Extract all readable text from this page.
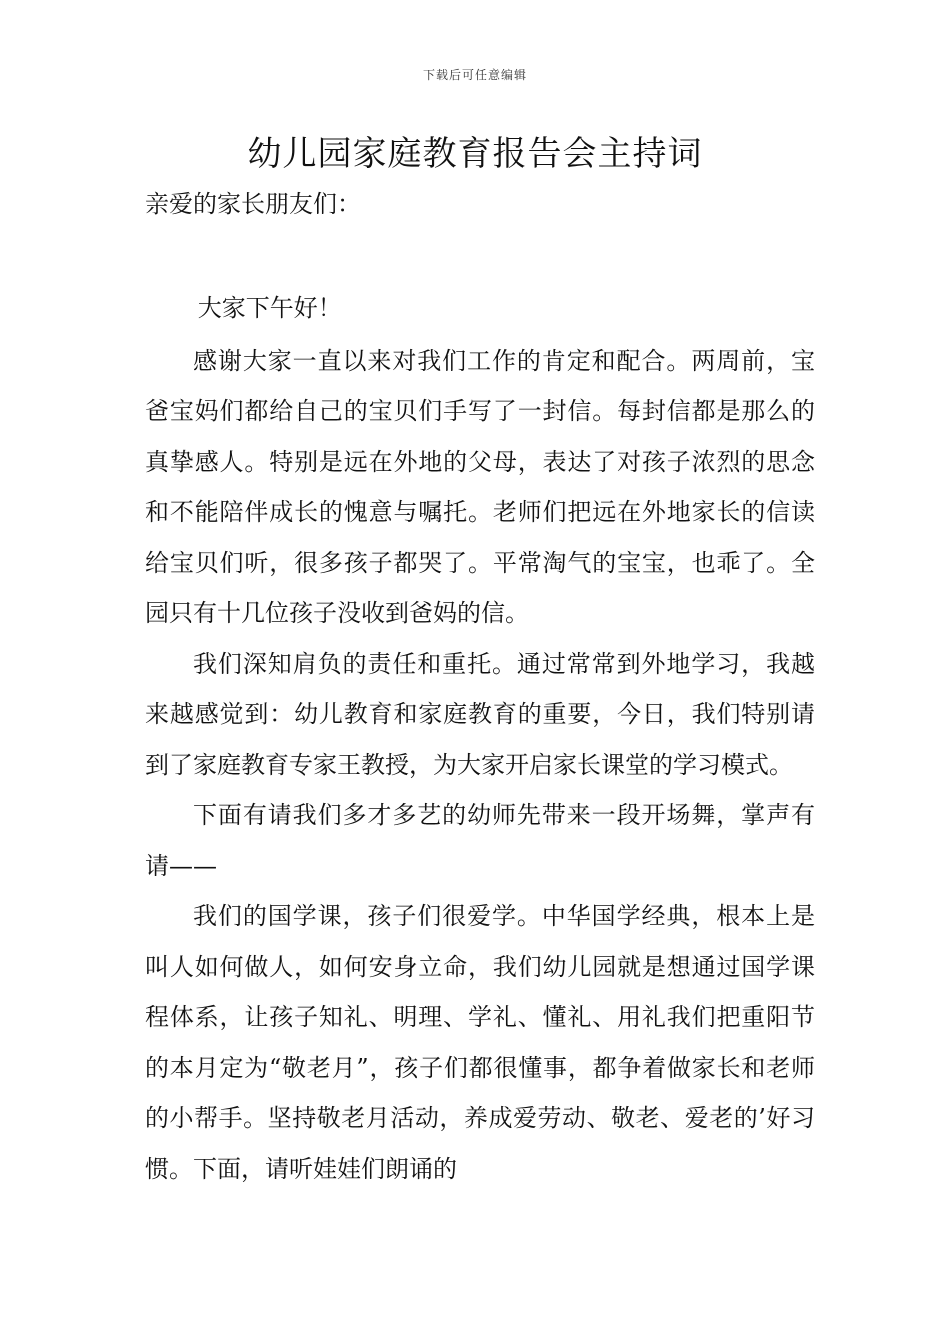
下载后可任意编辑
幼儿园家庭教育报告会主持词

亲爱的家长朋友们：

大家下午好！

感谢大家一直以来对我们工作的肯定和配合。两周前，宝爸宝妈们都给自己的宝贝们手写了一封信。每封信都是那么的真挚感人。特别是远在外地的父母，表达了对孩子浓烈的思念和不能陪伴成长的愧意与嘱托。老师们把远在外地家长的信读给宝贝们听，很多孩子都哭了。平常淘气的宝宝，也乖了。全园只有十几位孩子没收到爸妈的信。

我们深知肩负的责任和重托。通过常常到外地学习，我越来越感觉到：幼儿教育和家庭教育的重要，今日，我们特别请到了家庭教育专家王教授，为大家开启家长课堂的学习模式。

下面有请我们多才多艺的幼师先带来一段开场舞，掌声有请——

我们的国学课，孩子们很爱学。中华国学经典，根本上是叫人如何做人，如何安身立命，我们幼儿园就是想通过国学课程体系，让孩子知礼、明理、学礼、懂礼、用礼我们把重阳节的本月定为“敬老月”，孩子们都很懂事，都争着做家长和老师的小帮手。坚持敬老月活动，养成爱劳动、敬老、爱老的’好习惯。下面，请听娃娃们朗诵的
